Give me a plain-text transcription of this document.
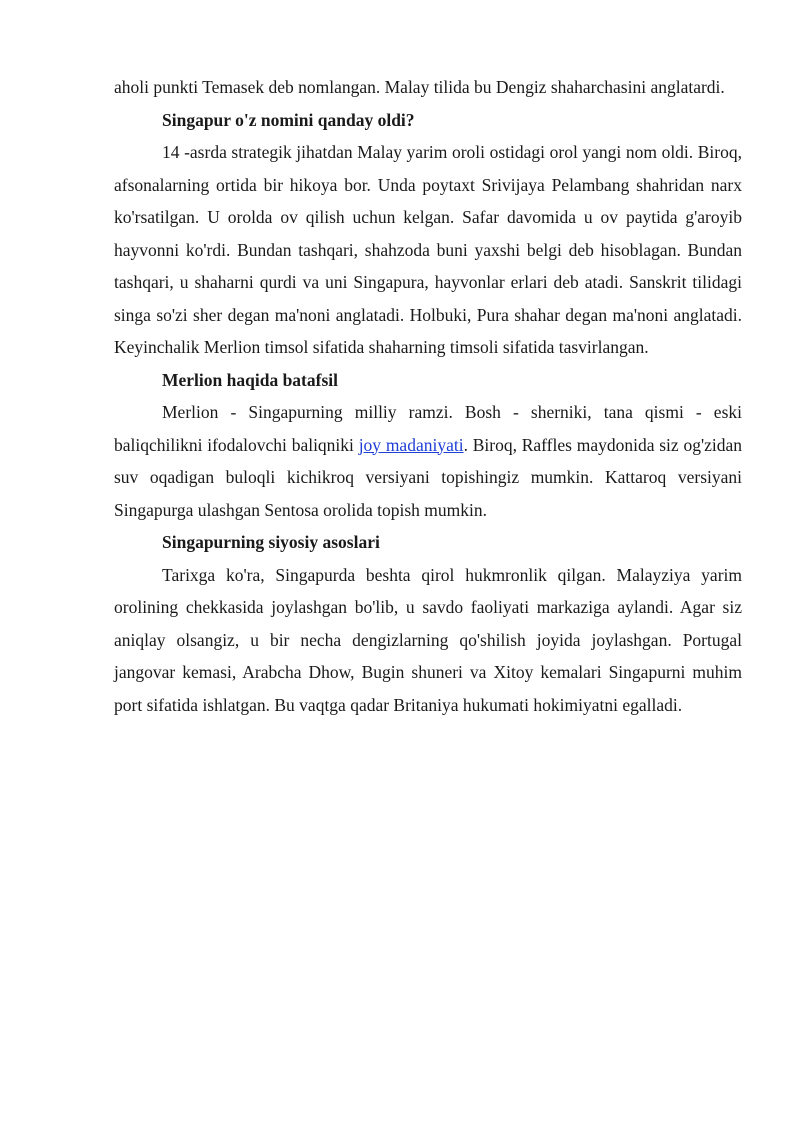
aholi punkti Temasek deb nomlangan. Malay tilida bu Dengiz shaharchasini anglatardi.

Singapur o'z nomini qanday oldi?

14 -asrda strategik jihatdan Malay yarim oroli ostidagi orol yangi nom oldi. Biroq, afsonalarning ortida bir hikoya bor. Unda poytaxt Srivijaya Pelambang shahridan narx ko'rsatilgan. U orolda ov qilish uchun kelgan. Safar davomida u ov paytida g'aroyib hayvonni ko'rdi. Bundan tashqari, shahzoda buni yaxshi belgi deb hisoblagan. Bundan tashqari, u shaharni qurdi va uni Singapura, hayvonlar erlari deb atadi. Sanskrit tilidagi singa so'zi sher degan ma'noni anglatadi. Holbuki, Pura shahar degan ma'noni anglatadi. Keyinchalik Merlion timsol sifatida shaharning timsoli sifatida tasvirlangan.

Merlion haqida batafsil

Merlion - Singapurning milliy ramzi. Bosh - sherniki, tana qismi - eski baliqchilikni ifodalovchi baliqniki joy madaniyati. Biroq, Raffles maydonida siz og'zidan suv oqadigan buloqli kichikroq versiyani topishingiz mumkin. Kattaroq versiyani Singapurga ulashgan Sentosa orolida topish mumkin.

Singapurning siyosiy asoslari

Tarixga ko'ra, Singapurda beshta qirol hukmronlik qilgan. Malayziya yarim orolining chekkasida joylashgan bo'lib, u savdo faoliyati markaziga aylandi. Agar siz aniqlay olsangiz, u bir necha dengizlarning qo'shilish joyida joylashgan. Portugal jangovar kemasi, Arabcha Dhow, Bugin shuneri va Xitoy kemalari Singapurni muhim port sifatida ishlatgan. Bu vaqtga qadar Britaniya hukumati hokimiyatni egalladi.
